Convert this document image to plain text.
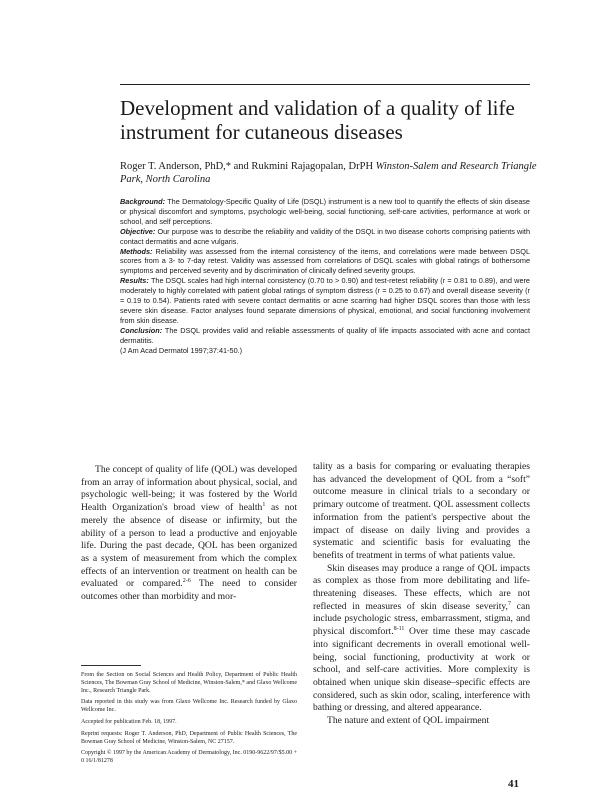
Development and validation of a quality of life instrument for cutaneous diseases

Roger T. Anderson, PhD,* and Rukmini Rajagopalan, DrPH Winston-Salem and Research Triangle Park, North Carolina

Background: The Dermatology-Specific Quality of Life (DSQL) instrument is a new tool to quantify the effects of skin disease or physical discomfort and symptoms, psychologic well-being, social functioning, self-care activities, performance at work or school, and self perceptions.

Objective: Our purpose was to describe the reliability and validity of the DSQL in two disease cohorts comprising patients with contact dermatitis and acne vulgaris.

Methods: Reliability was assessed from the internal consistency of the items, and correlations were made between DSQL scores from a 3- to 7-day retest. Validity was assessed from correlations of DSQL scales with global ratings of bothersome symptoms and perceived severity and by discrimination of clinically defined severity groups.

Results: The DSQL scales had high internal consistency (0.70 to > 0.90) and test-retest reliability (r = 0.81 to 0.89), and were moderately to highly correlated with patient global ratings of symptom distress (r = 0.25 to 0.67) and overall disease severity (r = 0.19 to 0.54). Patients rated with severe contact dermatitis or acne scarring had higher DSQL scores than those with less severe skin disease. Factor analyses found separate dimensions of physical, emotional, and social functioning involvement from skin disease.

Conclusion: The DSQL provides valid and reliable assessments of quality of life impacts associated with acne and contact dermatitis.

(J Am Acad Dermatol 1997;37:41-50.)

The concept of quality of life (QOL) was developed from an array of information about physical, social, and psychologic well-being; it was fostered by the World Health Organization's broad view of health$^1$ as not merely the absence of disease or infirmity, but the ability of a person to lead a productive and enjoyable life. During the past decade, QOL has been organized as a system of measurement from which the complex effects of an intervention or treatment on health can be evaluated or compared.$^{2-6}$ The need to consider outcomes other than morbidity and mor-

From the Section on Social Sciences and Health Policy, Department of Public Health Sciences, The Bowman Gray School of Medicine, Winston-Salem,* and Glaxo Wellcome Inc., Research Triangle Park.

Data reported in this study was from Glaxo Wellcome Inc. Research funded by Glaxo Wellcome Inc.

Accepted for publication Feb. 18, 1997.

Reprint requests: Roger T. Anderson, PhD, Department of Public Health Sciences, The Bowman Gray School of Medicine, Winston-Salem, NC 27157.

Copyright © 1997 by the American Academy of Dermatology, Inc. 0190-9622/97/$5.00 + 0 16/1/81278

tality as a basis for comparing or evaluating therapies has advanced the development of QOL from a “soft” outcome measure in clinical trials to a secondary or primary outcome of treatment. QOL assessment collects information from the patient's perspective about the impact of disease on daily living and provides a systematic and scientific basis for evaluating the benefits of treatment in terms of what patients value.

Skin diseases may produce a range of QOL impacts as complex as those from more debilitating and life-threatening diseases. These effects, which are not reflected in measures of skin disease severity,$^7$ can include psychologic stress, embarrassment, stigma, and physical discomfort.$^{8-11}$ Over time these may cascade into significant decrements in overall emotional well-being, social functioning, productivity at work or school, and self-care activities. More complexity is obtained when unique skin disease–specific effects are considered, such as skin odor, scaling, interference with bathing or dressing, and altered appearance.

The nature and extent of QOL impairment

41
